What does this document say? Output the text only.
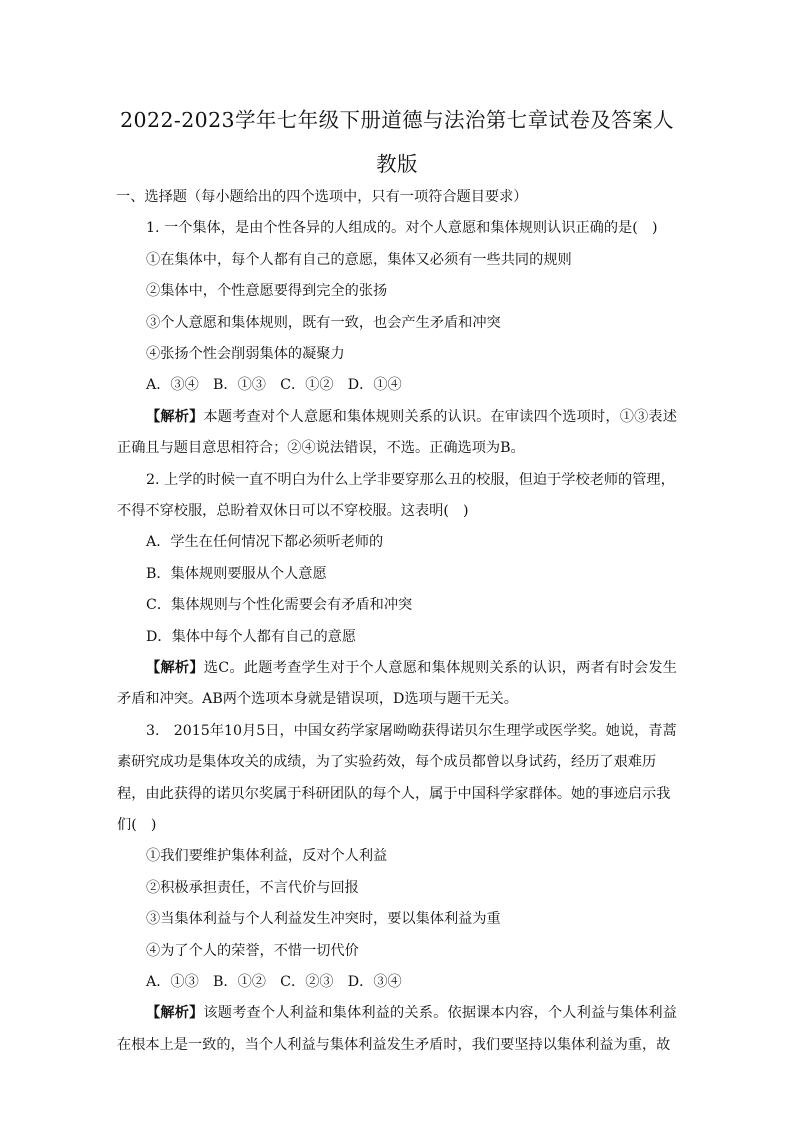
2022-2023学年七年级下册道德与法治第七章试卷及答案人
教版
一、选择题（每小题给出的四个选项中，只有一项符合题目要求）
1. 一个集体，是由个性各异的人组成的。对个人意愿和集体规则认识正确的是(　)
①在集体中，每个人都有自己的意愿，集体又必须有一些共同的规则
②集体中，个性意愿要得到完全的张扬
③个人意愿和集体规则，既有一致，也会产生矛盾和冲突
④张扬个性会削弱集体的凝聚力
A．③④　B．①③　C．①②　D．①④
【解析】本题考查对个人意愿和集体规则关系的认识。在审读四个选项时，①③表述正确且与题目意思相符合；②④说法错误，不选。正确选项为B。
2. 上学的时候一直不明白为什么上学非要穿那么丑的校服，但迫于学校老师的管理，不得不穿校服，总盼着双休日可以不穿校服。这表明(　)
A．学生在任何情况下都必须听老师的
B．集体规则要服从个人意愿
C．集体规则与个性化需要会有矛盾和冲突
D．集体中每个人都有自己的意愿
【解析】选C。此题考查学生对于个人意愿和集体规则关系的认识，两者有时会发生矛盾和冲突。AB两个选项本身就是错误项，D选项与题干无关。
3.　2015年10月5日，中国女药学家屠呦呦获得诺贝尔生理学或医学奖。她说，青蒿素研究成功是集体攻关的成绩，为了实验药效，每个成员都曾以身试药，经历了艰难历程，由此获得的诺贝尔奖属于科研团队的每个人，属于中国科学家群体。她的事迹启示我们(　)
①我们要维护集体利益，反对个人利益
②积极承担责任，不言代价与回报
③当集体利益与个人利益发生冲突时，要以集体利益为重
④为了个人的荣誉，不惜一切代价
A．①③　B．①②　C．②③　D．③④
【解析】该题考查个人利益和集体利益的关系。依据课本内容，个人利益与集体利益在根本上是一致的，当个人利益与集体利益发生矛盾时，我们要坚持以集体利益为重，故
